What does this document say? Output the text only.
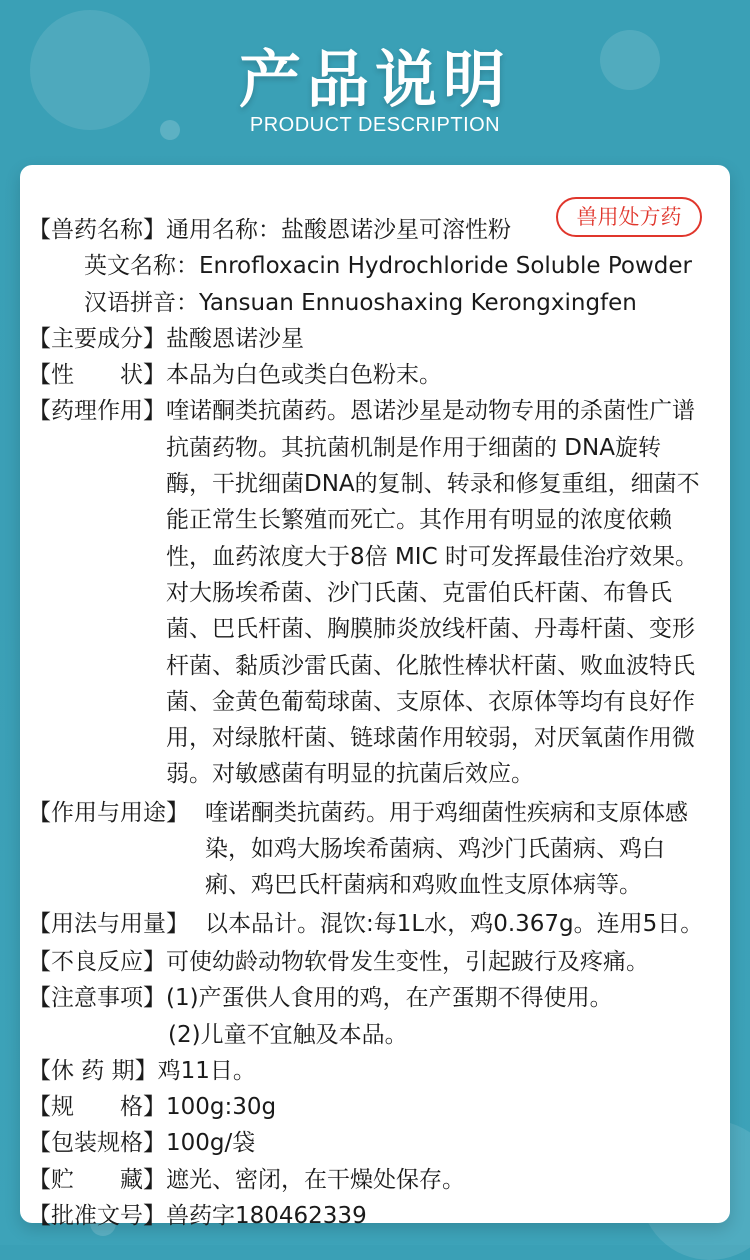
产品说明
PRODUCT DESCRIPTION
兽用处方药
【兽药名称】 通用名称：盐酸恩诺沙星可溶性粉
英文名称：Enrofloxacin Hydrochloride Soluble Powder
汉语拼音：Yansuan Ennuoshaxing Kerongxingfen
【主要成分】 盐酸恩诺沙星
【性　　状】 本品为白色或类白色粉末。
【药理作用】 喹诺酮类抗菌药。恩诺沙星是动物专用的杀菌性广谱抗菌药物。其抗菌机制是作用于细菌的 DNA旋转酶，干扰细菌DNA的复制、转录和修复重组，细菌不能正常生长繁殖而死亡。其作用有明显的浓度依赖性，血药浓度大于8倍 MIC 时可发挥最佳治疗效果。对大肠埃希菌、沙门氏菌、克雷伯氏杆菌、布鲁氏菌、巴氏杆菌、胸膜肺炎放线杆菌、丹毒杆菌、变形杆菌、黏质沙雷氏菌、化脓性棒状杆菌、败血波特氏菌、金黄色葡萄球菌、支原体、衣原体等均有良好作用，对绿脓杆菌、链球菌作用较弱，对厌氧菌作用微弱。对敏感菌有明显的抗菌后效应。
【作用与用途】 喹诺酮类抗菌药。用于鸡细菌性疾病和支原体感染，如鸡大肠埃希菌病、鸡沙门氏菌病、鸡白痢、鸡巴氏杆菌病和鸡败血性支原体病等。
【用法与用量】 以本品计。混饮:每1L水，鸡0.367g。连用5日。
【不良反应】 可使幼龄动物软骨发生变性，引起跛行及疼痛。
【注意事项】 (1)产蛋供人食用的鸡，在产蛋期不得使用。
(2)儿童不宜触及本品。
【休 药 期】 鸡11日。
【规　　格】 100g:30g
【包装规格】 100g/袋
【贮　　藏】 遮光、密闭，在干燥处保存。
【批准文号】 兽药字180462339
